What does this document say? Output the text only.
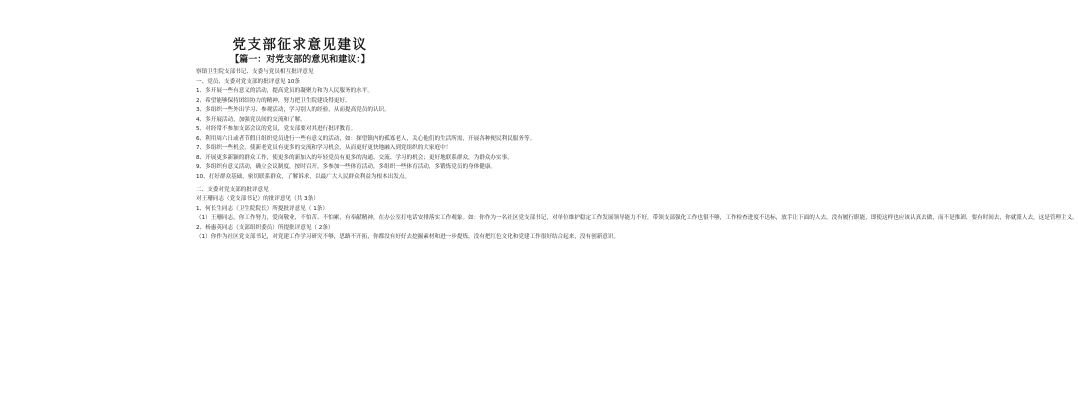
党支部征求意见建议
【篇一：对党支部的意见和建议：】
察镇卫生院支部书记、支委与党员相互批评意见
一、党员、支委对党支部的批评意见 10条
1、多开展一些有意义的活动，提高党员的凝聚力和为人民服务的水平。
2、希望能够保持团结协力的精神，努力把卫生院建设得更好。
3、多组织一些外出学习、参观活动，学习别人的经验，从而提高党员的认识。
4、多开展活动，加强党员间的交流和了解。
5、对经常不参加支部会议的党员，党支部要对其进行批评教育。
6、利用周六日或者节假日组织党员进行一些有意义的活动，如：探望镇内的孤寡老人，关心他们的生活所需，开展各种便民利民服务等。
7、多组织一些机会，使新老党员有更多的交流和学习机会，从而更好更快地融入到党组织的大家庭中！
8、开展更多新颖的群众工作，使更多的新加入的年轻党员有更多的沟通、交流、学习的机会；更好地联系群众，为群众办实事。
9、多组织有意义活动，确立会议制度，按时召开，多参加一些体育活动，多组织一些体育活动，多锻炼党员的身体健康。
10、打好群众基础，密切联系群众，了解诉求，以最广大人民群众利益为根本出发点。
二、支委对党支部的批评意见
对王珊同志（党支部书记）的批评意见（共 3条）
1、何长生同志（卫生院院长）所提批评意见（ 1条）
（1）王珊同志，你工作努力，爱岗敬业，不怕苦、不怕累，有奉献精神，在办公室打电话安排落实工作观象。如：你作为一名社区党支部书记，对单位维护稳定工作发展领导能力不好，带领支部强化工作也很不够，工作检查进度不达标，放手让下面的人去，没有履行职能，即使这样也应该认真去做，而不是推卸，要有时间去，你就派人去，这是管理主义。
2、杨惠英同志（支部组织委员）所提批评意见（ 2条）
（1）你作为社区党支部书记，对党建工作学习研究不够，思路不开拓，你都没有好好去挖掘素材和进一步提炼，没有把红色文化和党建工作很好结合起来，没有创新意识。
